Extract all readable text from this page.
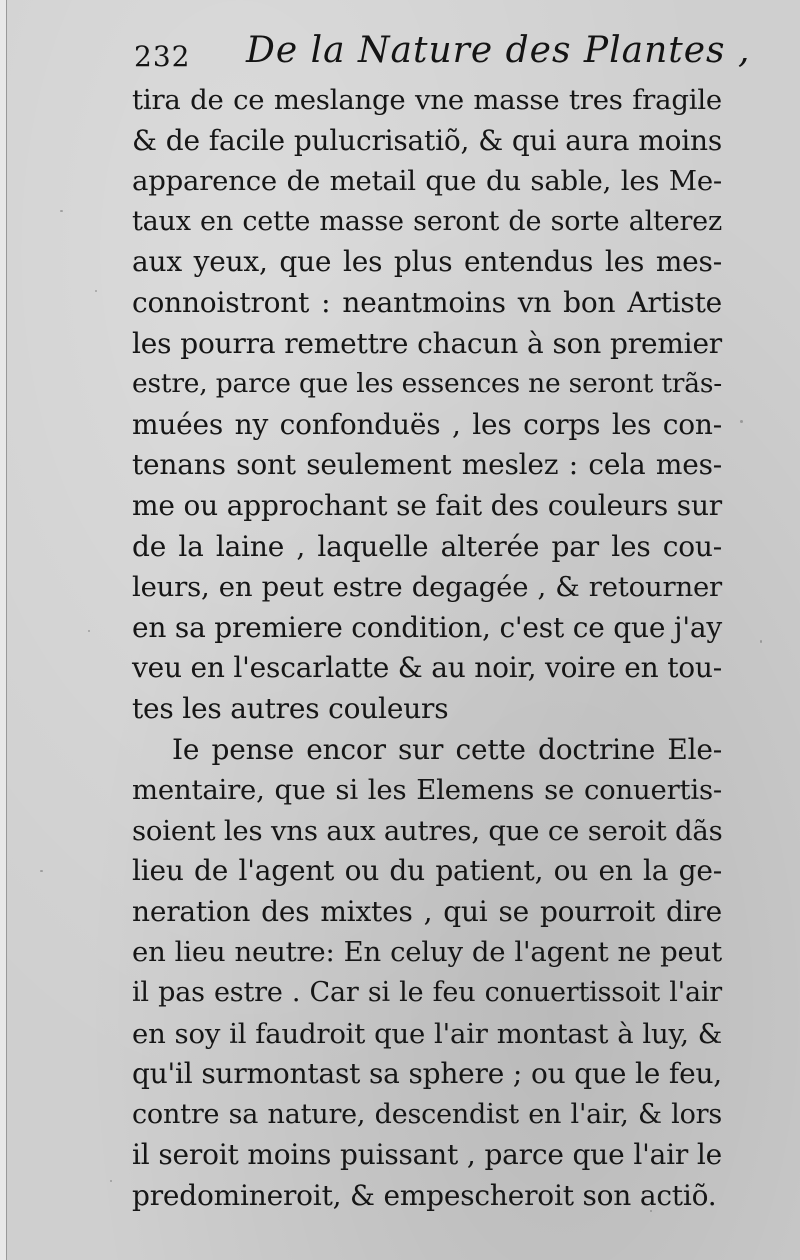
232 De la Nature des Plantes ,
tira de ce meslange vne masse tres fragile
& de facile pulucrisatiõ, & qui aura moins
apparence de metail que du sable, les Me-
taux en cette masse seront de sorte alterez
aux yeux, que les plus entendus les mes-
connoistront : neantmoins vn bon Artiste
les pourra remettre chacun à son premier
estre, parce que les essences ne seront trãs-
muées ny confonduës , les corps les con-
tenans sont seulement meslez : cela mes-
me ou approchant se fait des couleurs sur
de la laine , laquelle alterée par les cou-
leurs, en peut estre degagée , & retourner
en sa premiere condition, c'est ce que j'ay
veu en l'escarlatte & au noir, voire en tou-
tes les autres couleurs
Ie pense encor sur cette doctrine Ele-
mentaire, que si les Elemens se conuertis-
soient les vns aux autres, que ce seroit dãs
lieu de l'agent ou du patient, ou en la ge-
neration des mixtes , qui se pourroit dire
en lieu neutre: En celuy de l'agent ne peut
il pas estre . Car si le feu conuertissoit l'air
en soy il faudroit que l'air montast à luy, &
qu'il surmontast sa sphere ; ou que le feu,
contre sa nature, descendist en l'air, & lors
il seroit moins puissant , parce que l'air le
predomineroit, & empescheroit son actiõ.
